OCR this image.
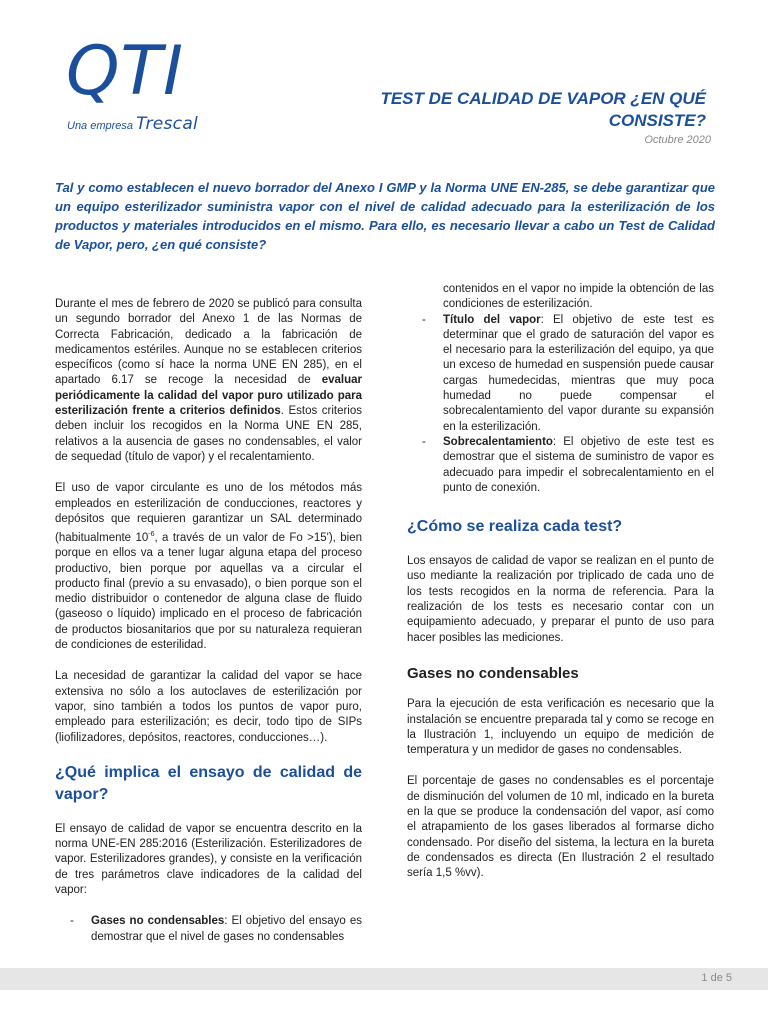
QTI
Una empresa Trescal
TEST DE CALIDAD DE VAPOR ¿EN QUÉ
CONSISTE?
Octubre 2020
Tal y como establecen el nuevo borrador del Anexo I GMP y la Norma UNE EN-285, se debe garantizar que un equipo esterilizador suministra vapor con el nivel de calidad adecuado para la esterilización de los productos y materiales introducidos en el mismo. Para ello, es necesario llevar a cabo un Test de Calidad de Vapor, pero, ¿en qué consiste?

Durante el mes de febrero de 2020 se publicó para consulta un segundo borrador del Anexo 1 de las Normas de Correcta Fabricación, dedicado a la fabricación de medicamentos estériles. Aunque no se establecen criterios específicos (como sí hace la norma UNE EN 285), en el apartado 6.17 se recoge la necesidad de evaluar periódicamente la calidad del vapor puro utilizado para esterilización frente a criterios definidos. Estos criterios deben incluir los recogidos en la Norma UNE EN 285, relativos a la ausencia de gases no condensables, el valor de sequedad (título de vapor) y el recalentamiento.

El uso de vapor circulante es uno de los métodos más empleados en esterilización de conducciones, reactores y depósitos que requieren garantizar un SAL determinado (habitualmente $10^{-6}$, a través de un valor de Fo >15'), bien porque en ellos va a tener lugar alguna etapa del proceso productivo, bien porque por aquellas va a circular el producto final (previo a su envasado), o bien porque son el medio distribuidor o contenedor de alguna clase de fluido (gaseoso o líquido) implicado en el proceso de fabricación de productos biosanitarios que por su naturaleza requieran de condiciones de esterilidad.

La necesidad de garantizar la calidad del vapor se hace extensiva no sólo a los autoclaves de esterilización por vapor, sino también a todos los puntos de vapor puro, empleado para esterilización; es decir, todo tipo de SIPs (liofilizadores, depósitos, reactores, conducciones…).

¿Qué implica el ensayo de calidad de vapor?

El ensayo de calidad de vapor se encuentra descrito en la norma UNE-EN 285:2016 (Esterilización. Esterilizadores de vapor. Esterilizadores grandes), y consiste en la verificación de tres parámetros clave indicadores de la calidad del vapor:

- Gases no condensables: El objetivo del ensayo es demostrar que el nivel de gases no condensables
contenidos en el vapor no impide la obtención de las condiciones de esterilización.
- Título del vapor: El objetivo de este test es determinar que el grado de saturación del vapor es el necesario para la esterilización del equipo, ya que un exceso de humedad en suspensión puede causar cargas humedecidas, mientras que muy poca humedad no puede compensar el sobrecalentamiento del vapor durante su expansión en la esterilización.
- Sobrecalentamiento: El objetivo de este test es demostrar que el sistema de suministro de vapor es adecuado para impedir el sobrecalentamiento en el punto de conexión.

¿Cómo se realiza cada test?

Los ensayos de calidad de vapor se realizan en el punto de uso mediante la realización por triplicado de cada uno de los tests recogidos en la norma de referencia. Para la realización de los tests es necesario contar con un equipamiento adecuado, y preparar el punto de uso para hacer posibles las mediciones.

Gases no condensables

Para la ejecución de esta verificación es necesario que la instalación se encuentre preparada tal y como se recoge en la Ilustración 1, incluyendo un equipo de medición de temperatura y un medidor de gases no condensables.

El porcentaje de gases no condensables es el porcentaje de disminución del volumen de 10 ml, indicado en la bureta en la que se produce la condensación del vapor, así como el atrapamiento de los gases liberados al formarse dicho condensado. Por diseño del sistema, la lectura en la bureta de condensados es directa (En Ilustración 2 el resultado sería 1,5 %vv).

1 de 5
